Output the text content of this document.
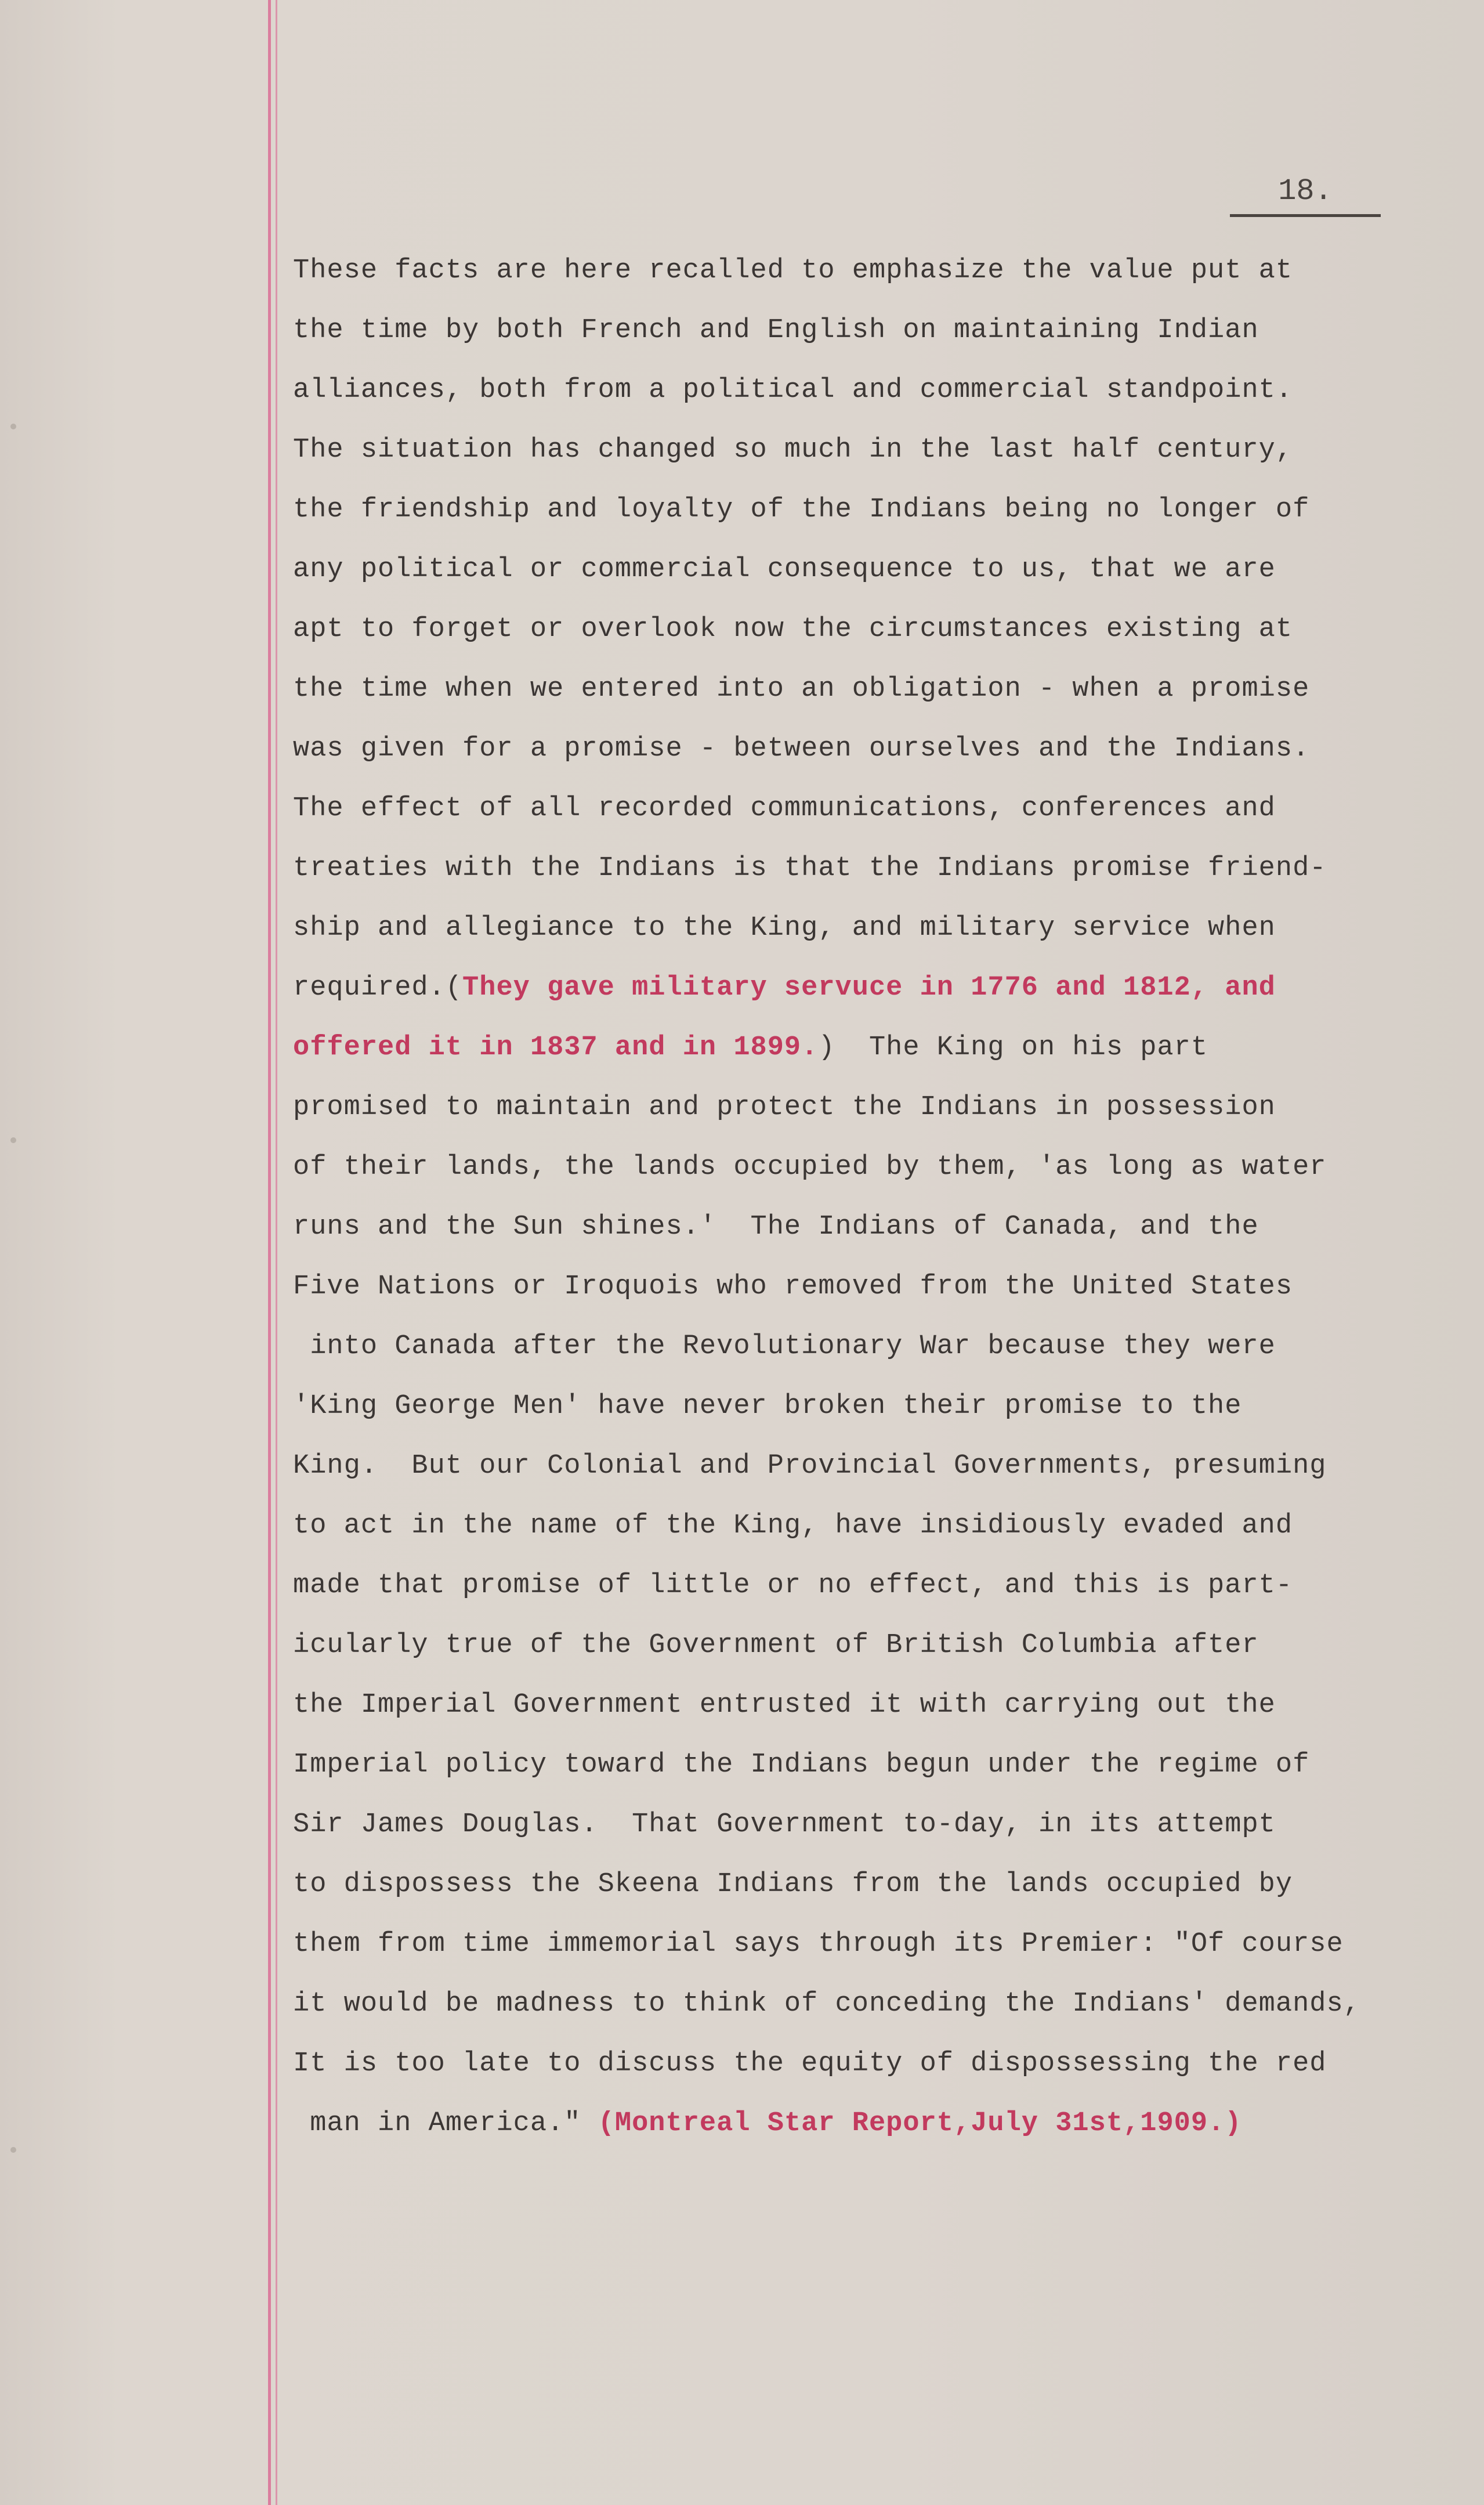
18.
These facts are here recalled to emphasize the value put at
the time by both French and English on maintaining Indian
alliances, both from a political and commercial standpoint.
The situation has changed so much in the last half century,
the friendship and loyalty of the Indians being no longer of
any political or commercial consequence to us, that we are
apt to forget or overlook now the circumstances existing at
the time when we entered into an obligation - when a promise
was given for a promise - between ourselves and the Indians.
The effect of all recorded communications, conferences and
treaties with the Indians is that the Indians promise friend-
ship and allegiance to the King, and military service when
required.(They gave military servuce in 1776 and 1812, and
offered it in 1837 and in 1899.)  The King on his part
promised to maintain and protect the Indians in possession
of their lands, the lands occupied by them, 'as long as water
runs and the Sun shines.'  The Indians of Canada, and the
Five Nations or Iroquois who removed from the United States
into Canada after the Revolutionary War because they were
'King George Men' have never broken their promise to the
King.  But our Colonial and Provincial Governments, presuming
to act in the name of the King, have insidiously evaded and
made that promise of little or no effect, and this is part-
icularly true of the Government of British Columbia after
the Imperial Government entrusted it with carrying out the
Imperial policy toward the Indians begun under the regime of
Sir James Douglas.  That Government to-day, in its attempt
to dispossess the Skeena Indians from the lands occupied by
them from time immemorial says through its Premier: "Of course
it would be madness to think of conceding the Indians' demands,
It is too late to discuss the equity of dispossessing the red
man in America." (Montreal Star Report,July 31st,1909.)
